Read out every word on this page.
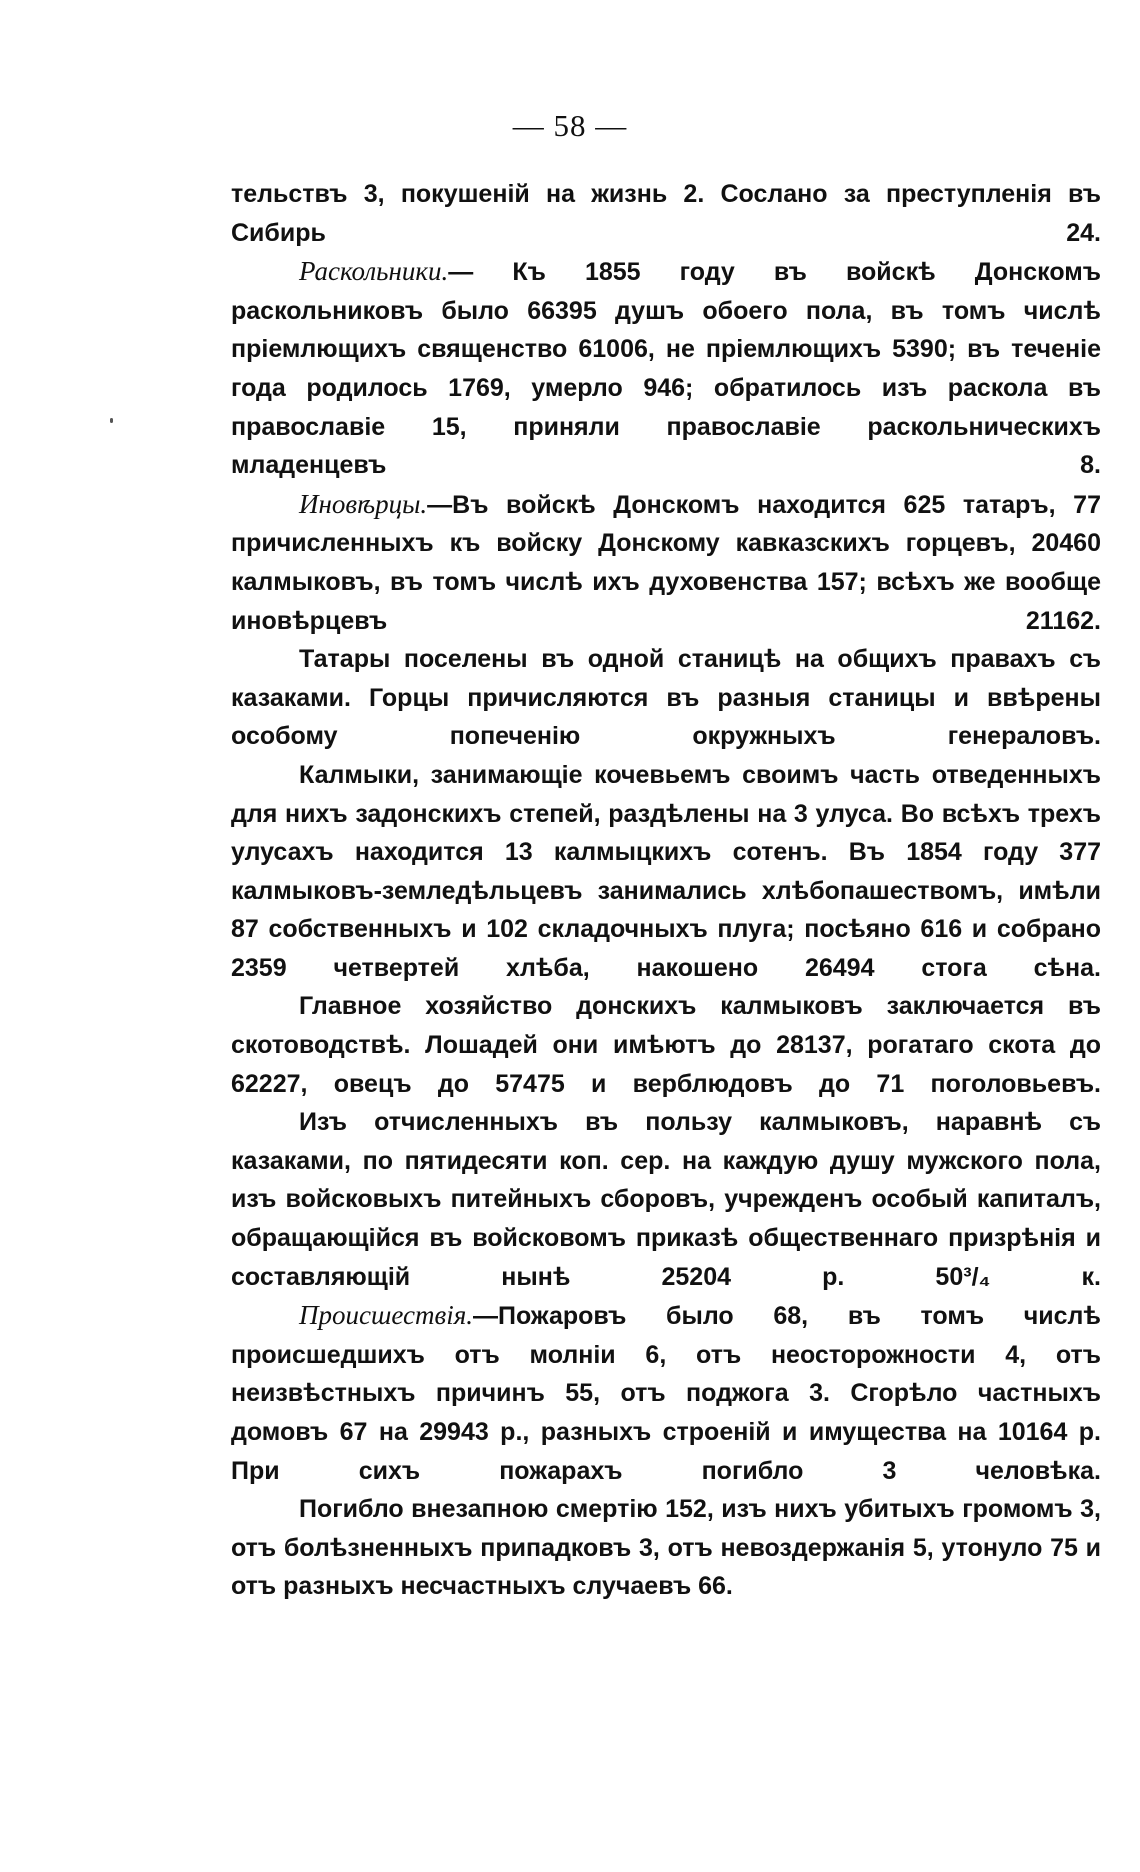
— 58 —

тельствъ 3, покушеній на жизнь 2. Сослано за преступленія въ Сибирь 24.

Раскольники.— Къ 1855 году въ войскѣ Донскомъ раскольниковъ было 66395 душъ обоего пола, въ томъ числѣ пріемлющихъ священство 61006, не пріемлющихъ 5390; въ теченіе года родилось 1769, умерло 946; обратилось изъ раскола въ православіе 15, приняли православіе раскольническихъ младенцевъ 8.

Иновѣрцы.—Въ войскѣ Донскомъ находится 625 татаръ, 77 причисленныхъ къ войску Донскому кавказскихъ горцевъ, 20460 калмыковъ, въ томъ числѣ ихъ духовенства 157; всѣхъ же вообще иновѣрцевъ 21162.

Татары поселены въ одной станицѣ на общихъ правахъ съ казаками. Горцы причисляются въ разныя станицы и ввѣрены особому попеченію окружныхъ генераловъ.

Калмыки, занимающіе кочевьемъ своимъ часть отведенныхъ для нихъ задонскихъ степей, раздѣлены на 3 улуса. Во всѣхъ трехъ улусахъ находится 13 калмыцкихъ сотенъ. Въ 1854 году 377 калмыковъ-земледѣльцевъ занимались хлѣбопашествомъ, имѣли 87 собственныхъ и 102 складочныхъ плуга; посѣяно 616 и собрано 2359 четвертей хлѣба, накошено 26494 стога сѣна.

Главное хозяйство донскихъ калмыковъ заключается въ скотоводствѣ. Лошадей они имѣютъ до 28137, рогатаго скота до 62227, овецъ до 57475 и верблюдовъ до 71 поголовьевъ.

Изъ отчисленныхъ въ пользу калмыковъ, наравнѣ съ казаками, по пятидесяти коп. сер. на каждую душу мужского пола, изъ войсковыхъ питейныхъ сборовъ, учрежденъ особый капиталъ, обращающійся въ войсковомъ приказѣ общественнаго призрѣнія и составляющій нынѣ 25204 р. 50³/₄ к.

Происшествія.—Пожаровъ было 68, въ томъ числѣ происшедшихъ отъ молніи 6, отъ неосторожности 4, отъ неизвѣстныхъ причинъ 55, отъ поджога 3. Сгорѣло частныхъ домовъ 67 на 29943 р., разныхъ строеній и имущества на 10164 р. При сихъ пожарахъ погибло 3 человѣка.

Погибло внезапною смертію 152, изъ нихъ убитыхъ громомъ 3, отъ болѣзненныхъ припадковъ 3, отъ невоздержанія 5, утонуло 75 и отъ разныхъ несчастныхъ случаевъ 66.
